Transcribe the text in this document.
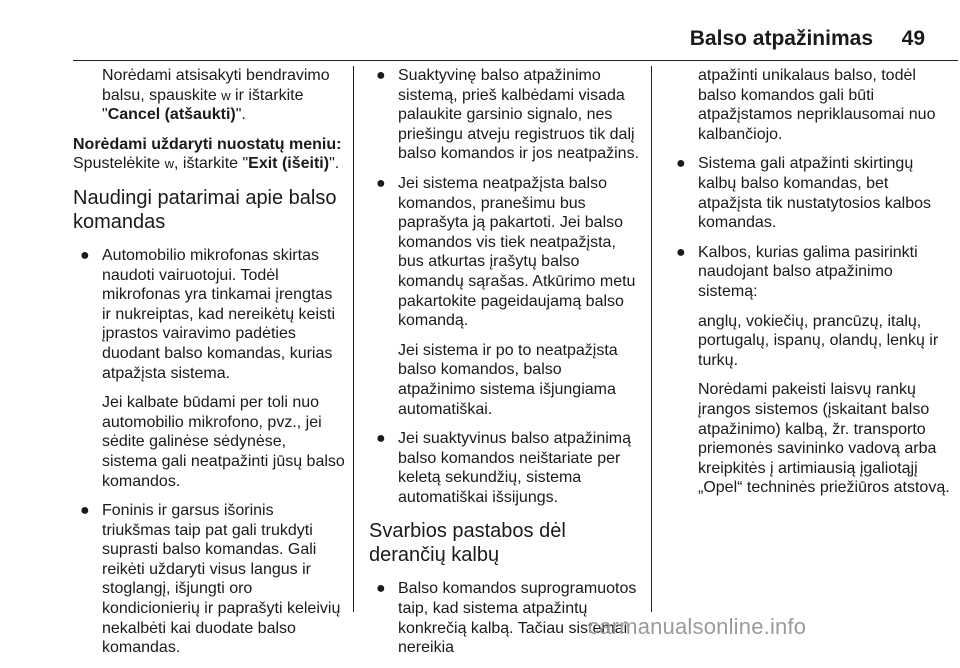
Balso atpažinimas 49

Norėdami atsisakyti bendravimo

balsu, spauskite w ir ištarkite

"Cancel (atšaukti)".

Norėdami uždaryti nuostatų meniu:

Spustelėkite w, ištarkite "Exit (išeiti)".

Naudingi patarimai apie balso komandas
● Automobilio mikrofonas skirtas naudoti vairuotojui. Todėl mikrofonas yra tinkamai įrengtas ir nukreiptas, kad nereikėtų keisti įprastos vairavimo padėties duodant balso komandas, kurias atpažįsta sistema.

Jei kalbate būdami per toli nuo automobilio mikrofono, pvz., jei sėdite galinėse sėdynėse, sistema gali neatpažinti jūsų balso komandos.

● Foninis ir garsus išorinis triukšmas taip pat gali trukdyti suprasti balso komandas. Gali reikėti uždaryti visus langus ir stoglangį, išjungti oro kondicionierių ir paprašyti keleivių nekalbėti kai duodate balso komandas.

● Suaktyvinę balso atpažinimo sistemą, prieš kalbėdami visada palaukite garsinio signalo, nes priešingu atveju registruos tik dalį balso komandos ir jos neatpažins.

● Jei sistema neatpažįsta balso komandos, pranešimu bus paprašyta ją pakartoti. Jei balso komandos vis tiek neatpažįsta, bus atkurtas įrašytų balso komandų sąrašas. Atkūrimo metu pakartokite pageidaujamą balso komandą.

Jei sistema ir po to neatpažįsta balso komandos, balso atpažinimo sistema išjungiama automatiškai.

● Jei suaktyvinus balso atpažinimą balso komandos neištariate per keletą sekundžių, sistema automatiškai išsijungs.

Svarbios pastabos dėl derančių kalbų
● Balso komandos suprogramuotos taip, kad sistema atpažintų konkrečią kalbą. Tačiau sistemai nereikia

atpažinti unikalaus balso, todėl balso komandos gali būti atpažįstamos nepriklausomai nuo kalbančiojo.

● Sistema gali atpažinti skirtingų kalbų balso komandas, bet atpažįsta tik nustatytosios kalbos komandas.

● Kalbos, kurias galima pasirinkti naudojant balso atpažinimo sistemą:

anglų, vokiečių, prancūzų, italų, portugalų, ispanų, olandų, lenkų ir turkų.

Norėdami pakeisti laisvų rankų įrangos sistemos (įskaitant balso atpažinimo) kalbą, žr. transporto priemonės savininko vadovą arba kreipkitės į artimiausią įgaliotąjį „Opel“ techninės priežiūros atstovą.

carmanualsonline.info
